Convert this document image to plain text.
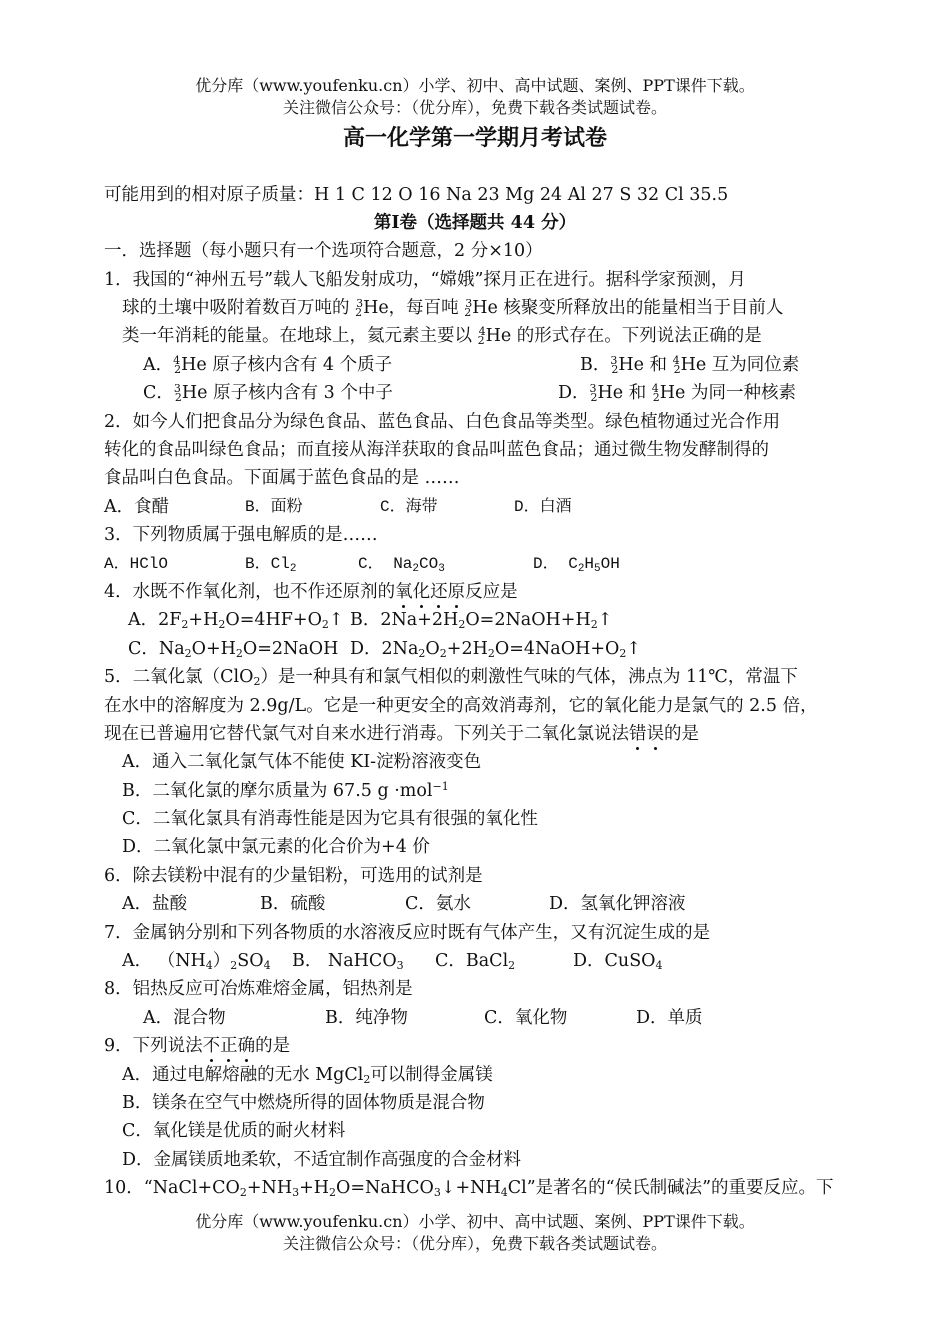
优分库（www.youfenku.cn）小学、初中、高中试题、案例、PPT课件下载。
关注微信公众号：（优分库），免费下载各类试题试卷。
高一化学第一学期月考试卷
可能用到的相对原子质量：H 1 C 12 O 16 Na 23 Mg 24 Al 27 S 32 Cl 35.5
第Ⅰ卷（选择题共 44 分）
一．选择题（每小题只有一个选项符合题意，2 分×10）
1．我国的“神州五号”载人飞船发射成功，“嫦娥”探月正在进行。据科学家预测，月
球的土壤中吸附着数百万吨的 $_2^3$He，每百吨 $_2^3$He 核聚变所释放出的能量相当于目前人
类一年消耗的能量。在地球上，氦元素主要以 $_2^4$He 的形式存在。下列说法正确的是
A．$^4_2$He 原子核内含有 4 个质子	B．$^3_2$He 和 $^4_2$He 互为同位素
C．$^3_2$He 原子核内含有 3 个中子	D．$^3_2$He 和 $^4_2$He 为同一种核素
2．如今人们把食品分为绿色食品、蓝色食品、白色食品等类型。绿色植物通过光合作用
转化的食品叫绿色食品；而直接从海洋获取的食品叫蓝色食品；通过微生物发酵制得的
食品叫白色食品。下面属于蓝色食品的是 ……
A．食醋	B．面粉	C．海带	D．白酒
3．下列物质属于强电解质的是……
A．HClO	B．$Cl_2$	C． $Na_2CO_3$	D． $C_2H_5OH$
4．水既不作氧化剂，也不作还原剂的氧化还原反应是
A．$2F_2+H_2O=4HF+O_2↑$ B．$2Na+2H_2O=2NaOH+H_2↑$
C．$Na_2O+H_2O=2NaOH$ D．$2Na_2O_2+2H_2O=4NaOH+O_2↑$
5．二氧化氯（ClO$_2$）是一种具有和氯气相似的刺激性气味的气体，沸点为 11℃，常温下
在水中的溶解度为 2.9g/L。它是一种更安全的高效消毒剂，它的氧化能力是氯气的 2.5 倍，
现在已普遍用它替代氯气对自来水进行消毒。下列关于二氧化氯说法错误的是
A．通入二氧化氯气体不能使 KI-淀粉溶液变色
B．二氧化氯的摩尔质量为 67.5 g ·mol$^{-1}$
C．二氧化氯具有消毒性能是因为它具有很强的氧化性
D．二氧化氯中氯元素的化合价为+4 价
6．除去镁粉中混有的少量铝粉，可选用的试剂是
A．盐酸	B．硫酸	C．氨水	D．氢氧化钾溶液
7．金属钠分别和下列各物质的水溶液反应时既有气体产生，又有沉淀生成的是
A． $(NH_4)_2SO_4$ B． NaHCO$_3$ C．BaCl$_2$	D．CuSO$_4$
8．铝热反应可冶炼难熔金属，铝热剂是
A．混合物	B．纯净物	C．氧化物	D．单质
9．下列说法不正确的是
A．通过电解熔融的无水 MgCl$_2$可以制得金属镁
B．镁条在空气中燃烧所得的固体物质是混合物
C．氧化镁是优质的耐火材料
D．金属镁质地柔软，不适宜制作高强度的合金材料
10．“$NaCl+CO_2+NH_3+H_2O=NaHCO_3↓+NH_4Cl$”是著名的“侯氏制碱法”的重要反应。下
优分库（www.youfenku.cn）小学、初中、高中试题、案例、PPT课件下载。
关注微信公众号：（优分库），免费下载各类试题试卷。
